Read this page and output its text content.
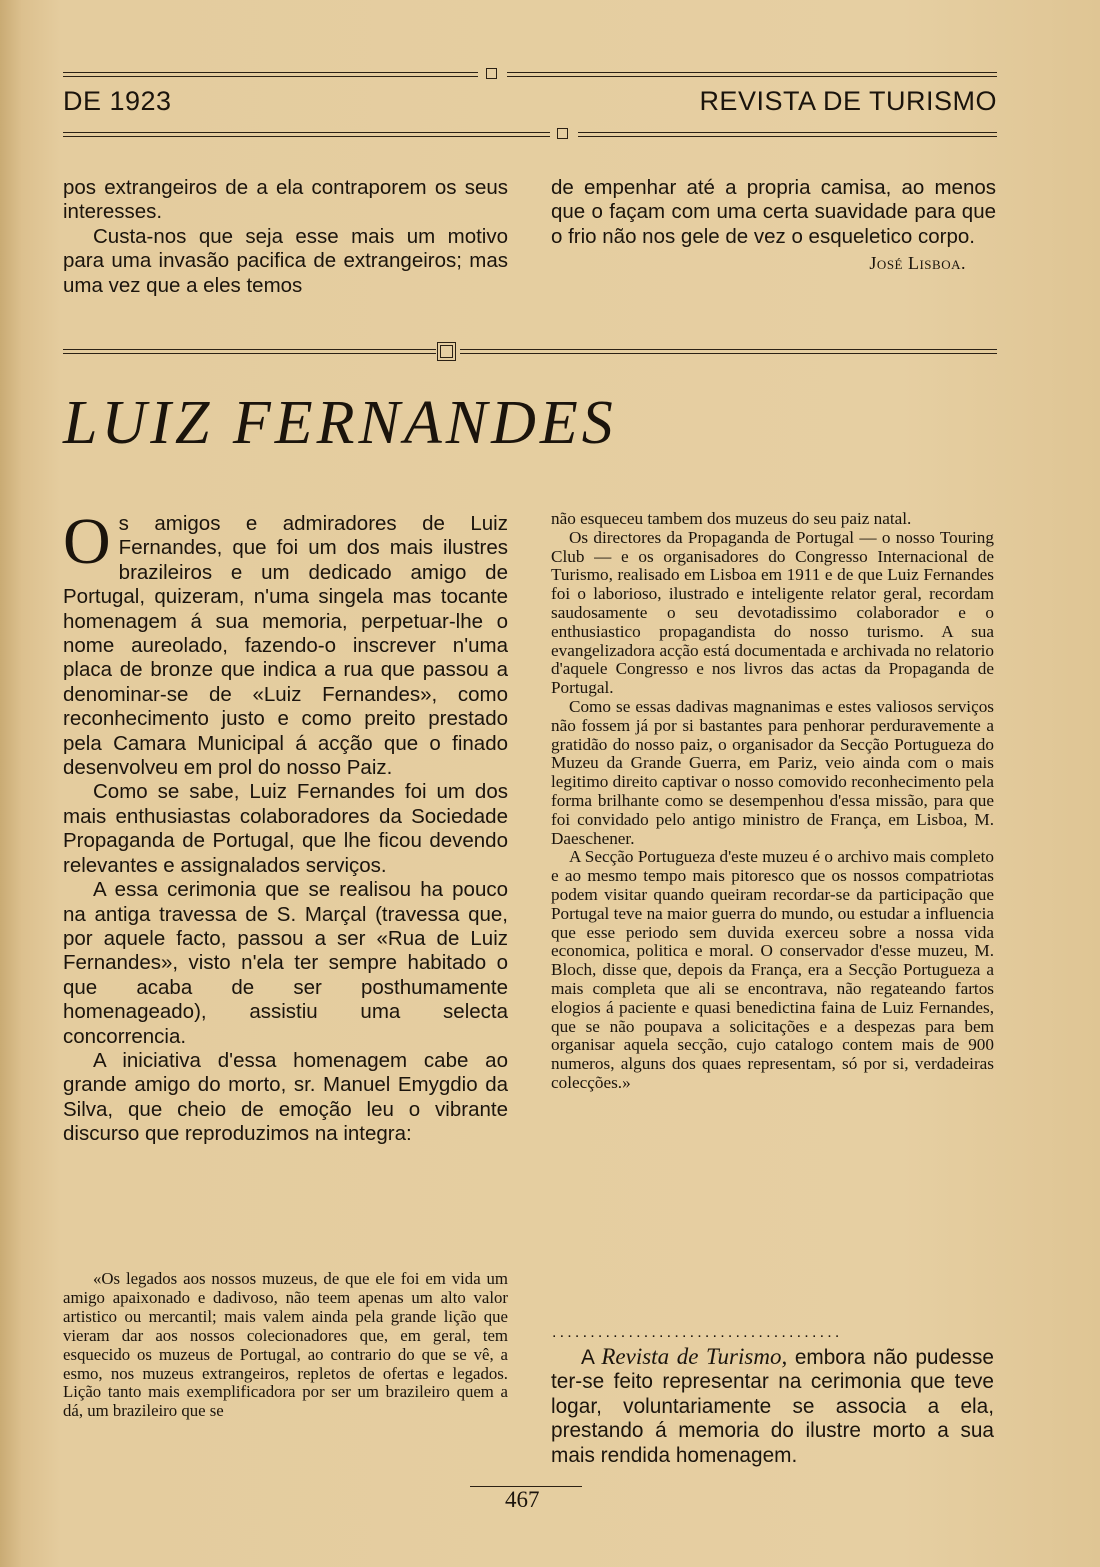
DE 1923	REVISTA DE TURISMO

pos extrangeiros de a ela contraporem os seus interesses.

Custa-nos que seja esse mais um motivo para uma invasão pacifica de extrangeiros; mas uma vez que a eles temos

de empenhar até a propria camisa, ao menos que o façam com uma certa suavidade para que o frio não nos gele de vez o esqueletico corpo.

José Lisboa.
LUIZ FERNANDES

Os amigos e admiradores de Luiz Fernandes, que foi um dos mais ilustres brazileiros e um dedicado amigo de Portugal, quizeram, n'uma singela mas tocante homenagem á sua memoria, perpetuar-lhe o nome aureolado, fazendo-o inscrever n'uma placa de bronze que indica a rua que passou a denominar-se de «Luiz Fernandes», como reconhecimento justo e como preito prestado pela Camara Municipal á acção que o finado desenvolveu em prol do nosso Paiz.

Como se sabe, Luiz Fernandes foi um dos mais enthusiastas colaboradores da Sociedade Propaganda de Portugal, que lhe ficou devendo relevantes e assignalados serviços.

A essa cerimonia que se realisou ha pouco na antiga travessa de S. Marçal (travessa que, por aquele facto, passou a ser «Rua de Luiz Fernandes», visto n'ela ter sempre habitado o que acaba de ser posthumamente homenageado), assistiu uma selecta concorrencia.

A iniciativa d'essa homenagem cabe ao grande amigo do morto, sr. Manuel Emygdio da Silva, que cheio de emoção leu o vibrante discurso que reproduzimos na integra:

«Os legados aos nossos muzeus, de que ele foi em vida um amigo apaixonado e dadivoso, não teem apenas um alto valor artistico ou mercantil; mais valem ainda pela grande lição que vieram dar aos nossos colecionadores que, em geral, tem esquecido os muzeus de Portugal, ao contrario do que se vê, a esmo, nos muzeus extrangeiros, repletos de ofertas e legados. Lição tanto mais exemplificadora por ser um brazileiro quem a dá, um brazileiro que se

não esqueceu tambem dos muzeus do seu paiz natal.

Os directores da Propaganda de Portugal — o nosso Touring Club — e os organisadores do Congresso Internacional de Turismo, realisado em Lisboa em 1911 e de que Luiz Fernandes foi o laborioso, ilustrado e inteligente relator geral, recordam saudosamente o seu devotadissimo colaborador e o enthusiastico propagandista do nosso turismo. A sua evangelizadora acção está documentada e archivada no relatorio d'aquele Congresso e nos livros das actas da Propaganda de Portugal.

Como se essas dadivas magnanimas e estes valiosos serviços não fossem já por si bastantes para penhorar perduravemente a gratidão do nosso paiz, o organisador da Secção Portugueza do Muzeu da Grande Guerra, em Pariz, veio ainda com o mais legitimo direito captivar o nosso comovido reconhecimento pela forma brilhante como se desempenhou d'essa missão, para que foi convidado pelo antigo ministro de França, em Lisboa, M. Daeschener.

A Secção Portugueza d'este muzeu é o archivo mais completo e ao mesmo tempo mais pitoresco que os nossos compatriotas podem visitar quando queiram recordar-se da participação que Portugal teve na maior guerra do mundo, ou estudar a influencia que esse periodo sem duvida exerceu sobre a nossa vida economica, politica e moral. O conservador d'esse muzeu, M. Bloch, disse que, depois da França, era a Secção Portugueza a mais completa que ali se encontrava, não regateando fartos elogios á paciente e quasi benedictina faina de Luiz Fernandes, que se não poupava a solicitações e a despezas para bem organisar aquela secção, cujo catalogo contem mais de 900 numeros, alguns dos quaes representam, só por si, verdadeiras colecções.»

......................................

A Revista de Turismo, embora não pudesse ter-se feito representar na cerimonia que teve logar, voluntariamente se associa a ela, prestando á memoria do ilustre morto a sua mais rendida homenagem.

467
